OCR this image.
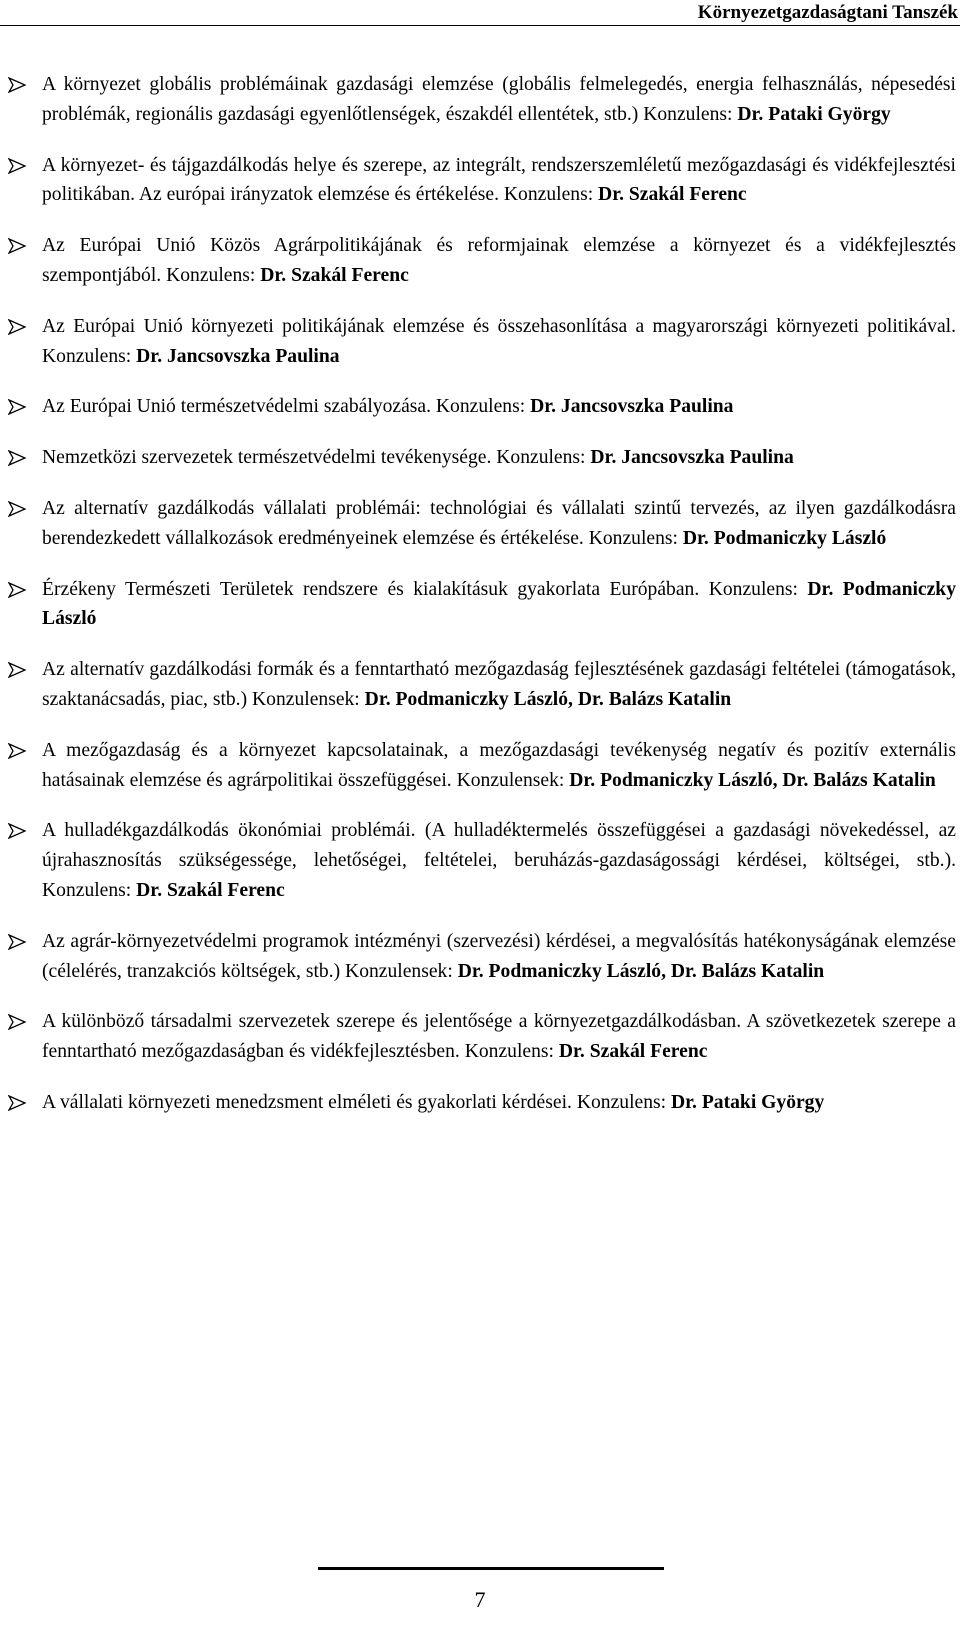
Környezetgazdaságtani Tanszék
A környezet globális problémáinak gazdasági elemzése (globális felmelegedés, energia felhasználás, népesedési problémák, regionális gazdasági egyenlőtlenségek, északdél ellentétek, stb.) Konzulens: Dr. Pataki György
A környezet- és tájgazdálkodás helye és szerepe, az integrált, rendszerszemléletű mezőgazdasági és vidékfejlesztési politikában. Az európai irányzatok elemzése és értékelése. Konzulens: Dr. Szakál Ferenc
Az Európai Unió Közös Agrárpolitikájának és reformjainak elemzése a környezet és a vidékfejlesztés szempontjából. Konzulens: Dr. Szakál Ferenc
Az Európai Unió környezeti politikájának elemzése és összehasonlítása a magyarországi környezeti politikával. Konzulens: Dr. Jancsovszka Paulina
Az Európai Unió természetvédelmi szabályozása. Konzulens: Dr. Jancsovszka Paulina
Nemzetközi szervezetek természetvédelmi tevékenysége. Konzulens: Dr. Jancsovszka Paulina
Az alternatív gazdálkodás vállalati problémái: technológiai és vállalati szintű tervezés, az ilyen gazdálkodásra berendezkedett vállalkozások eredményeinek elemzése és értékelése. Konzulens: Dr. Podmaniczky László
Érzékeny Természeti Területek rendszere és kialakításuk gyakorlata Európában. Konzulens: Dr. Podmaniczky László
Az alternatív gazdálkodási formák és a fenntartható mezőgazdaság fejlesztésének gazdasági feltételei (támogatások, szaktanácsadás, piac, stb.) Konzulensek: Dr. Podmaniczky László, Dr. Balázs Katalin
A mezőgazdaság és a környezet kapcsolatainak, a mezőgazdasági tevékenység negatív és pozitív externális hatásainak elemzése és agrárpolitikai összefüggései. Konzulensek: Dr. Podmaniczky László, Dr. Balázs Katalin
A hulladékgazdálkodás ökonómiai problémái. (A hulladéktermelés összefüggései a gazdasági növekedéssel, az újrahasznosítás szükségessége, lehetőségei, feltételei, beruházás-gazdaságossági kérdései, költségei, stb.). Konzulens: Dr. Szakál Ferenc
Az agrár-környezetvédelmi programok intézményi (szervezési) kérdései, a megvalósítás hatékonyságának elemzése (célelérés, tranzakciós költségek, stb.) Konzulensek: Dr. Podmaniczky László, Dr. Balázs Katalin
A különböző társadalmi szervezetek szerepe és jelentősége a környezetgazdálkodásban. A szövetkezetek szerepe a fenntartható mezőgazdaságban és vidékfejlesztésben. Konzulens: Dr. Szakál Ferenc
A vállalati környezeti menedzsment elméleti és gyakorlati kérdései. Konzulens: Dr. Pataki György
7
